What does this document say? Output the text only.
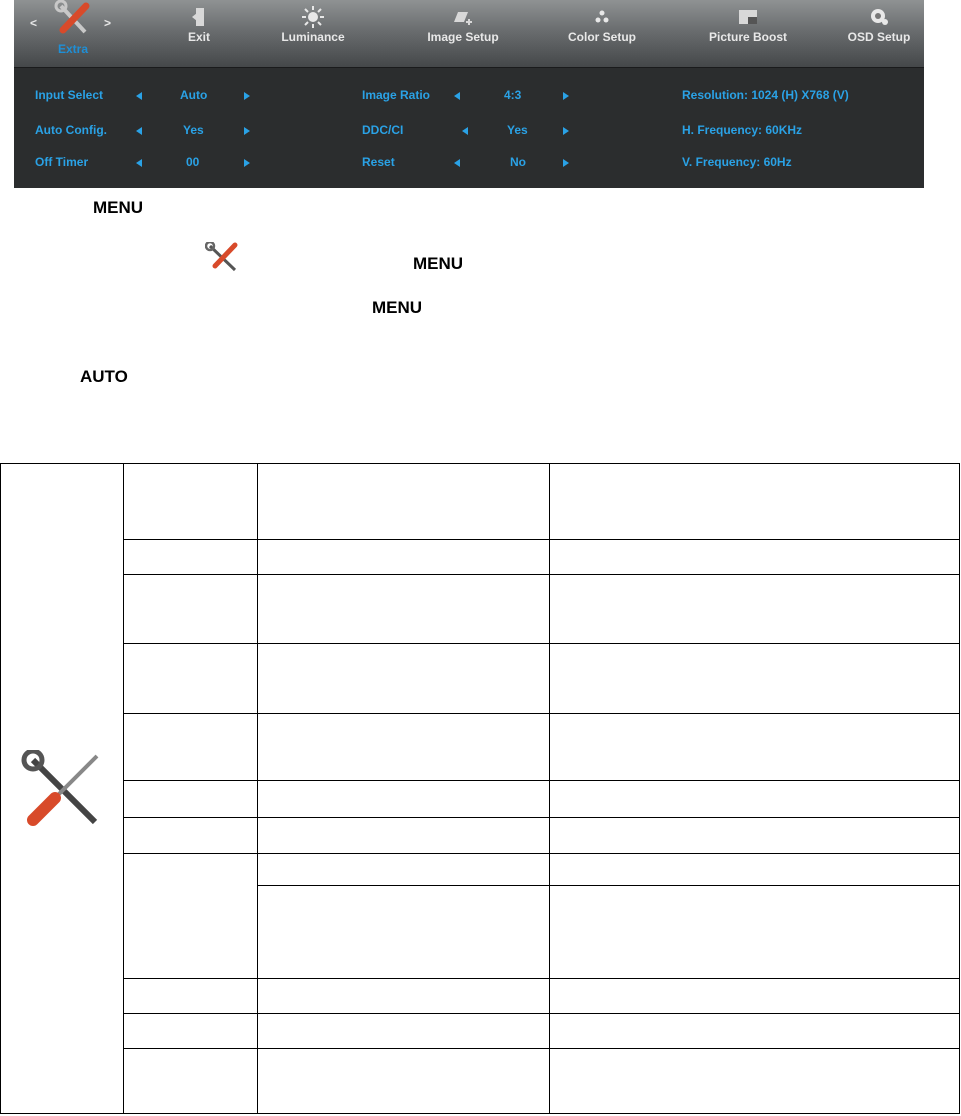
<	>
Extra
Exit	Luminance	Image Setup	Color Setup	Picture Boost	OSD Setup
Input Select	Auto	Image Ratio	4:3	Resolution: 1024 (H) X768 (V)
Auto Config.	Yes	DDC/CI	Yes	H. Frequency: 60KHz
Off Timer	00	Reset	No	V. Frequency: 60Hz
MENU
MENU
MENU
AUTO
